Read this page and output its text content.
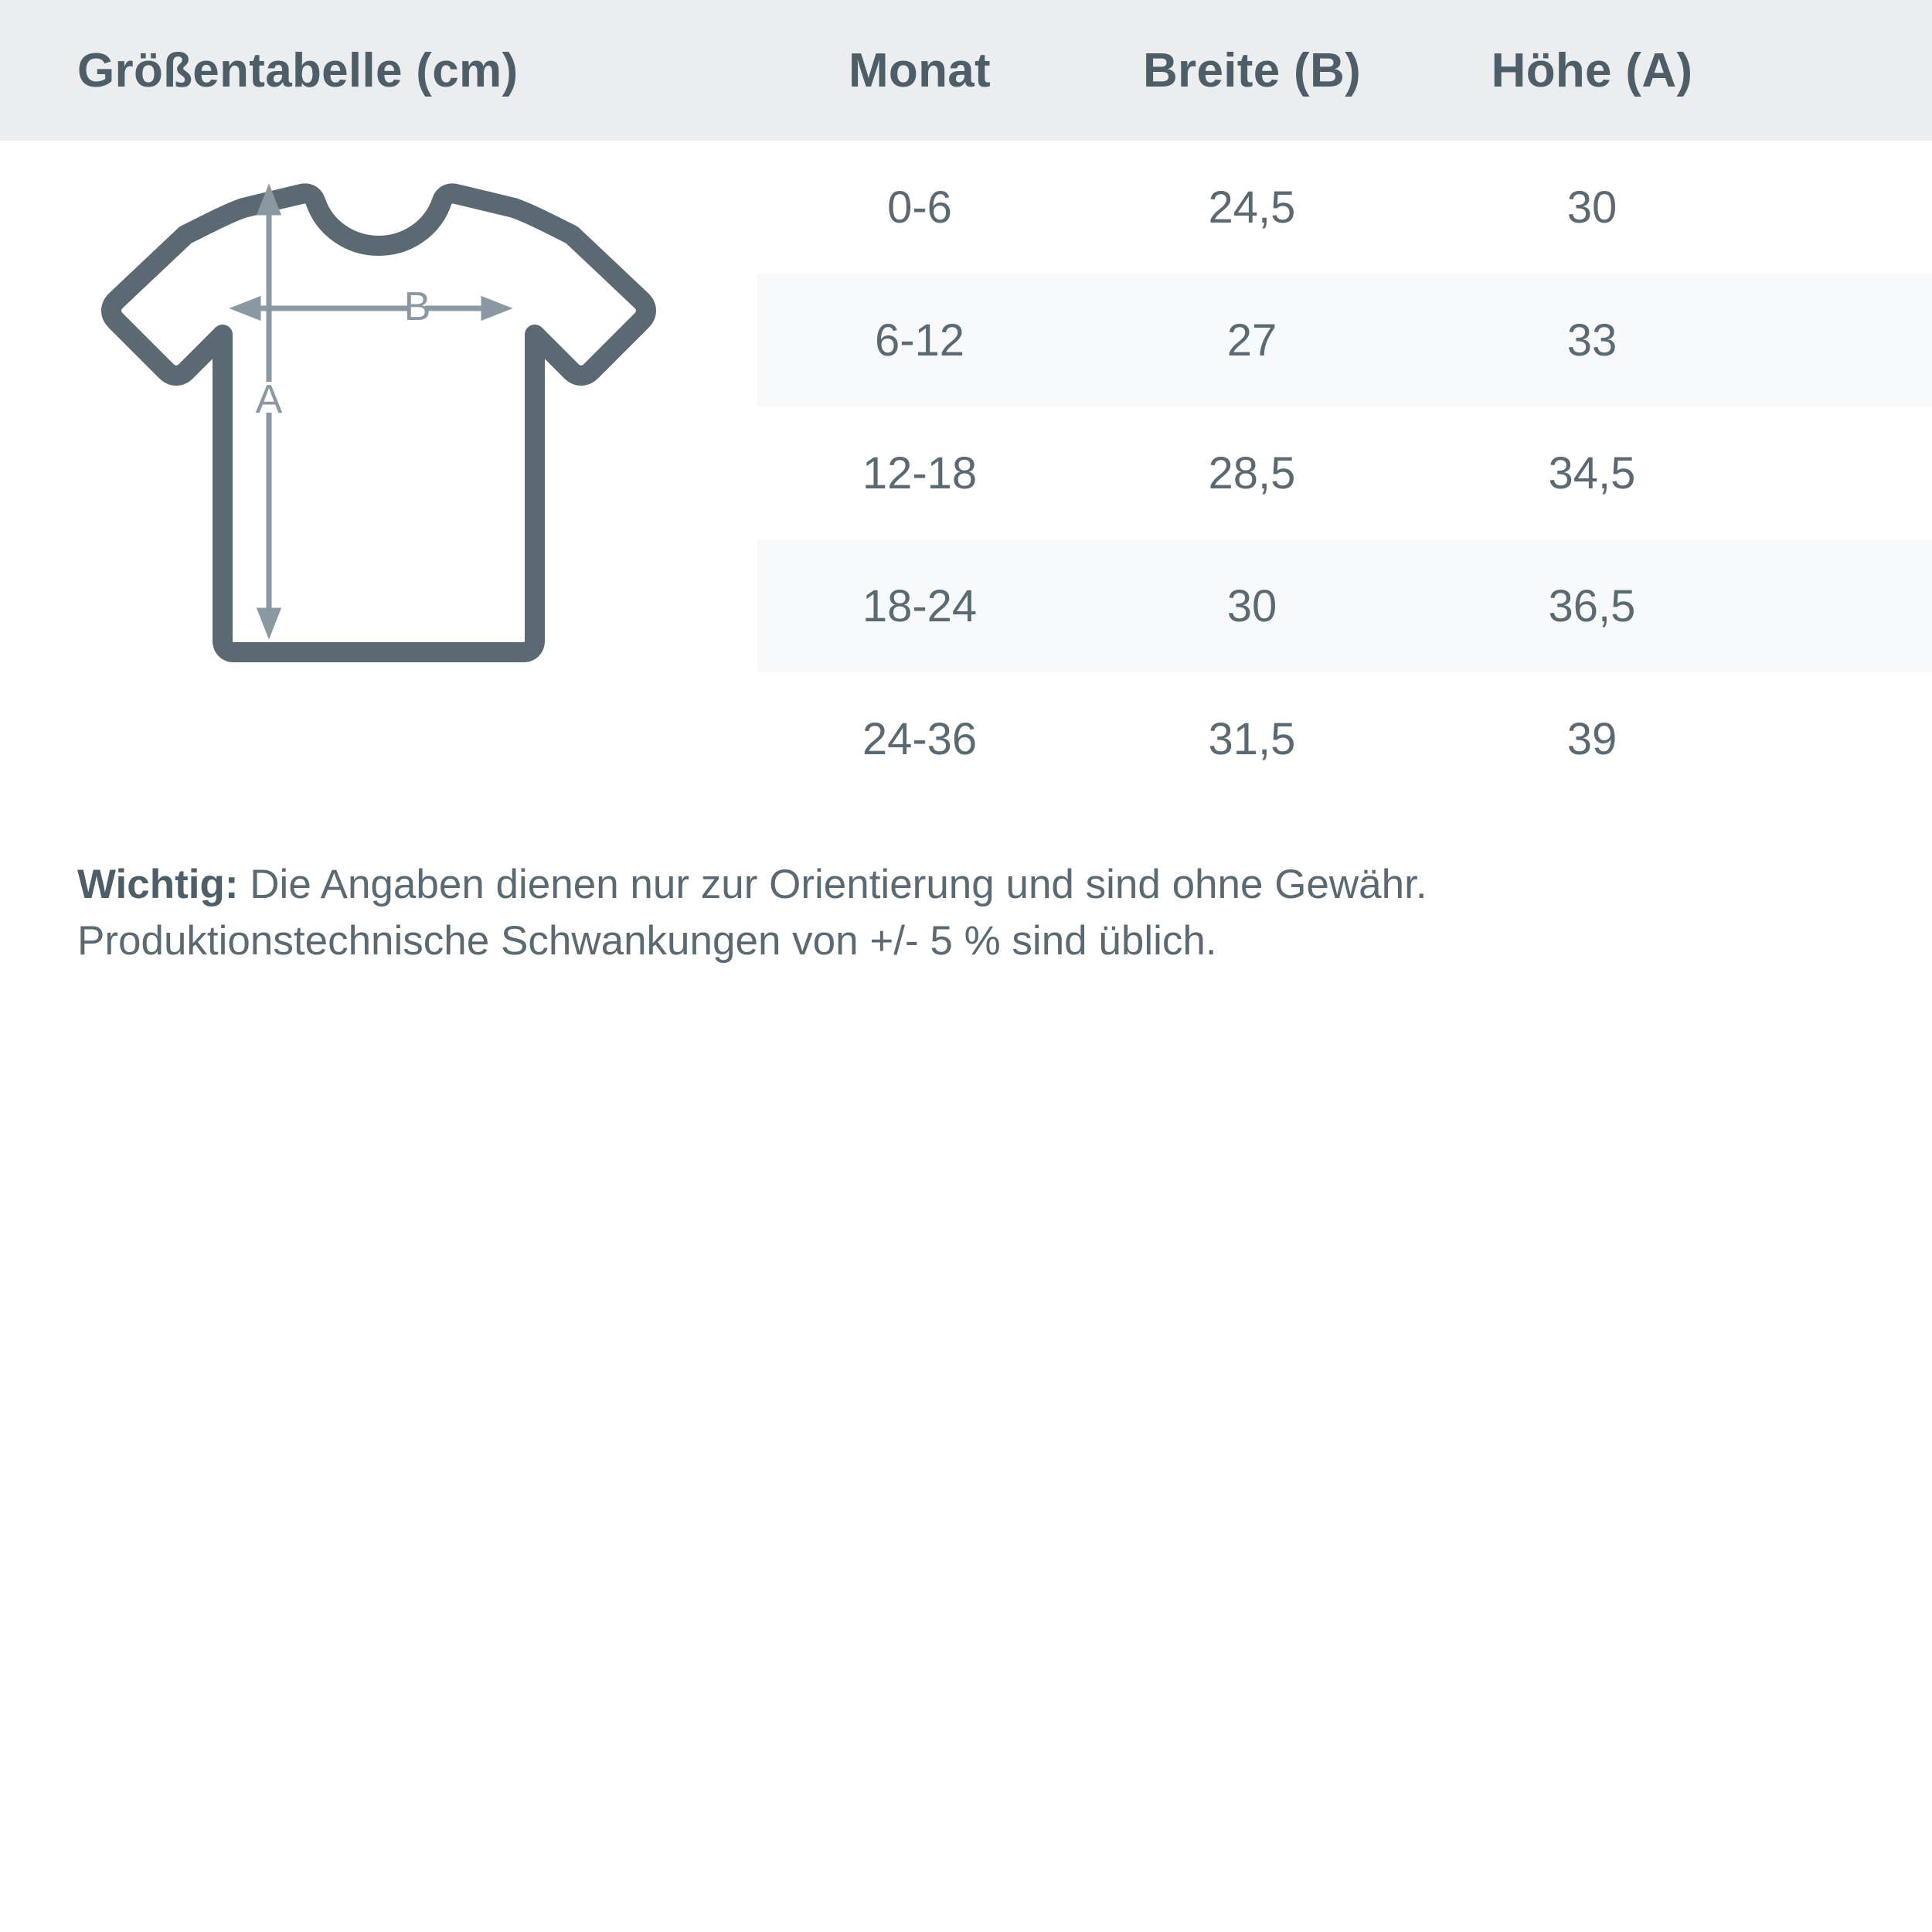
Größentabelle (cm)	Monat	Breite (B)	Höhe (A)	

B
A	0-6	24,5	30	
	6-12	27	33	
	12-18	28,5	34,5	
	18-24	30	36,5	
	24-36	31,5	39	
Wichtig: Die Angaben dienen nur zur Orientierung und sind ohne Gewähr.
Produktionstechnische Schwankungen von +/- 5 % sind üblich.
